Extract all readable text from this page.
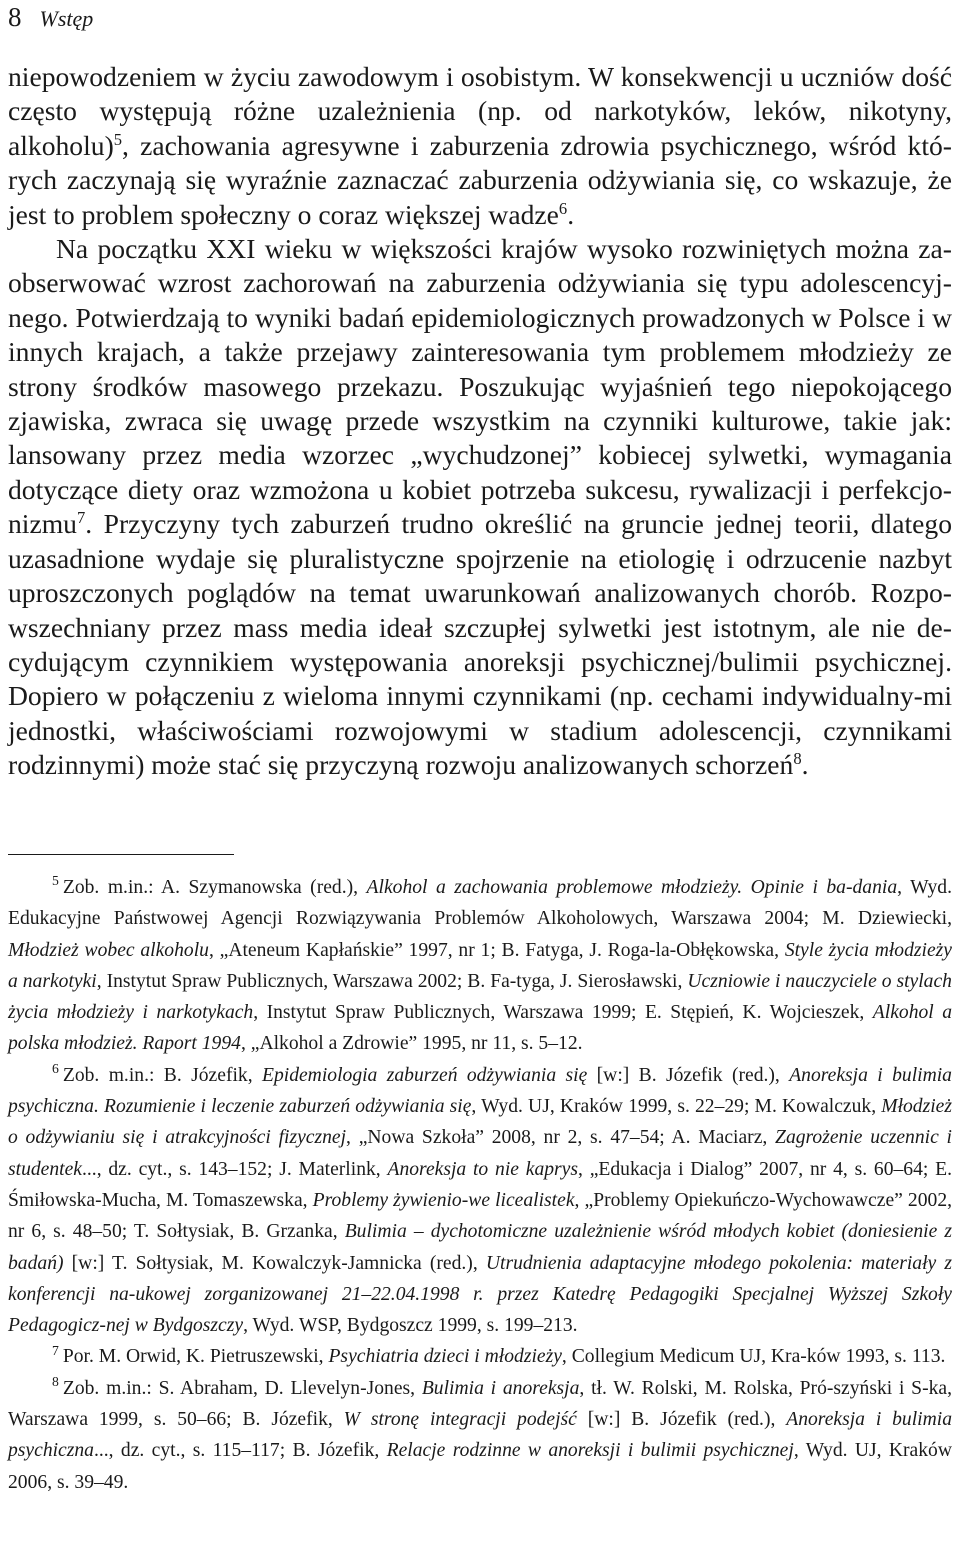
8 Wstęp

niepowodzeniem w życiu zawodowym i osobistym. W konsekwencji u uczniów dość często występują różne uzależnienia (np. od narkotyków, leków, nikotyny, alkoholu)$^5$, zachowania agresywne i zaburzenia zdrowia psychicznego, wśród któ-rych zaczynają się wyraźnie zaznaczać zaburzenia odżywiania się, co wskazuje, że jest to problem społeczny o coraz większej wadze$^6$.

Na początku XXI wieku w większości krajów wysoko rozwiniętych można za-obserwować wzrost zachorowań na zaburzenia odżywiania się typu adolescencyj-nego. Potwierdzają to wyniki badań epidemiologicznych prowadzonych w Polsce i w innych krajach, a także przejawy zainteresowania tym problemem młodzieży ze strony środków masowego przekazu. Poszukując wyjaśnień tego niepokojącego zjawiska, zwraca się uwagę przede wszystkim na czynniki kulturowe, takie jak: lansowany przez media wzorzec „wychudzonej” kobiecej sylwetki, wymagania dotyczące diety oraz wzmożona u kobiet potrzeba sukcesu, rywalizacji i perfekcjo-nizmu$^7$. Przyczyny tych zaburzeń trudno określić na gruncie jednej teorii, dlatego uzasadnione wydaje się pluralistyczne spojrzenie na etiologię i odrzucenie nazbyt uproszczonych poglądów na temat uwarunkowań analizowanych chorób. Rozpo-wszechniany przez mass media ideał szczupłej sylwetki jest istotnym, ale nie de-cydującym czynnikiem występowania anoreksji psychicznej/bulimii psychicznej. Dopiero w połączeniu z wieloma innymi czynnikami (np. cechami indywidualny-mi jednostki, właściwościami rozwojowymi w stadium adolescencji, czynnikami rodzinnymi) może stać się przyczyną rozwoju analizowanych schorzeń$^8$.

$^5$ Zob. m.in.: A. Szymanowska (red.), Alkohol a zachowania problemowe młodzieży. Opinie i ba-dania, Wyd. Edukacyjne Państwowej Agencji Rozwiązywania Problemów Alkoholowych, Warszawa 2004; M. Dziewiecki, Młodzież wobec alkoholu, „Ateneum Kapłańskie” 1997, nr 1; B. Fatyga, J. Roga-la-Obłękowska, Style życia młodzieży a narkotyki, Instytut Spraw Publicznych, Warszawa 2002; B. Fa-tyga, J. Sierosławski, Uczniowie i nauczyciele o stylach życia młodzieży i narkotykach, Instytut Spraw Publicznych, Warszawa 1999; E. Stępień, K. Wojcieszek, Alkohol a polska młodzież. Raport 1994, „Alkohol a Zdrowie” 1995, nr 11, s. 5–12.

$^6$ Zob. m.in.: B. Józefik, Epidemiologia zaburzeń odżywiania się [w:] B. Józefik (red.), Anoreksja i bulimia psychiczna. Rozumienie i leczenie zaburzeń odżywiania się, Wyd. UJ, Kraków 1999, s. 22–29; M. Kowalczuk, Młodzież o odżywianiu się i atrakcyjności fizycznej, „Nowa Szkoła” 2008, nr 2, s. 47–54; A. Maciarz, Zagrożenie uczennic i studentek..., dz. cyt., s. 143–152; J. Materlink, Anoreksja to nie kaprys, „Edukacja i Dialog” 2007, nr 4, s. 60–64; E. Śmiłowska-Mucha, M. Tomaszewska, Problemy żywienio-we licealistek, „Problemy Opiekuńczo-Wychowawcze” 2002, nr 6, s. 48–50; T. Sołtysiak, B. Grzanka, Bulimia – dychotomiczne uzależnienie wśród młodych kobiet (doniesienie z badań) [w:] T. Sołtysiak, M. Kowalczyk-Jamnicka (red.), Utrudnienia adaptacyjne młodego pokolenia: materiały z konferencji na-ukowej zorganizowanej 21–22.04.1998 r. przez Katedrę Pedagogiki Specjalnej Wyższej Szkoły Pedagogicz-nej w Bydgoszczy, Wyd. WSP, Bydgoszcz 1999, s. 199–213.

$^7$ Por. M. Orwid, K. Pietruszewski, Psychiatria dzieci i młodzieży, Collegium Medicum UJ, Kra-ków 1993, s. 113.

$^8$ Zob. m.in.: S. Abraham, D. Llevelyn-Jones, Bulimia i anoreksja, tł. W. Rolski, M. Rolska, Pró-szyński i S-ka, Warszawa 1999, s. 50–66; B. Józefik, W stronę integracji podejść [w:] B. Józefik (red.), Anoreksja i bulimia psychiczna..., dz. cyt., s. 115–117; B. Józefik, Relacje rodzinne w anoreksji i bulimii psychicznej, Wyd. UJ, Kraków 2006, s. 39–49.
